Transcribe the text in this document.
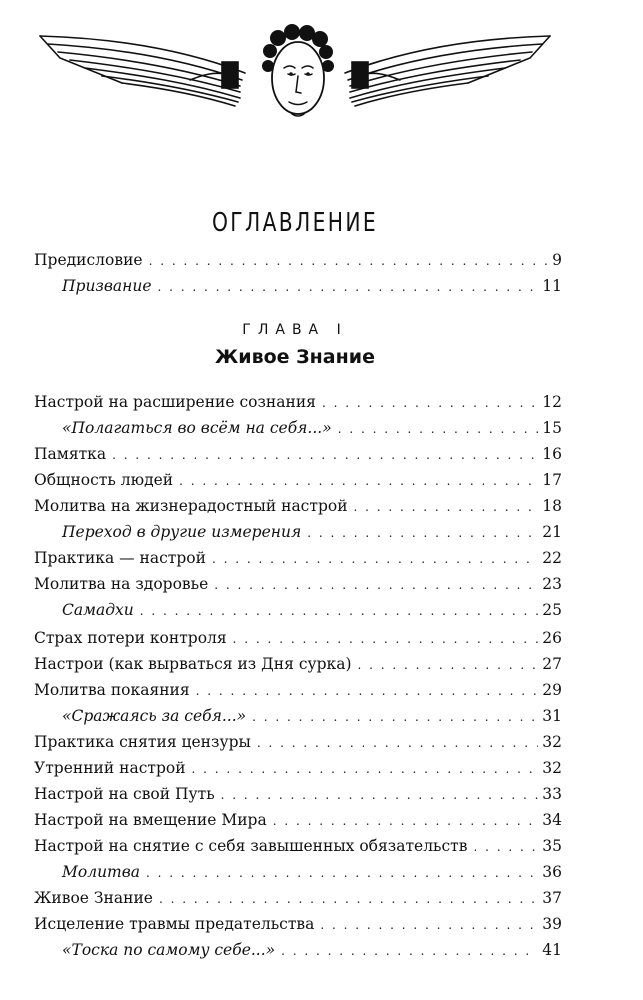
ОГЛАВЛЕНИЕ
Предисловие . . .	9
Призвание . . .	11
Настрой на расширение сознания . . .	12
«Полагаться во всём на себя...» . . .	15
Памятка . . .	16
Общность людей . . .	17
Молитва на жизнерадостный настрой . . .	18
Переход в другие измерения . . .	21
Практика — настрой . . .	22
Молитва на здоровье . . .	23
Самадхи . . .	25
Страх потери контроля . . .	26
Настрои (как вырваться из Дня сурка) . . .	27
Молитва покаяния . . .	29
«Сражаясь за себя...» . . .	31
Практика снятия цензуры . . .	32
Утренний настрой . . .	32
Настрой на свой Путь . . .	33
Настрой на вмещение Мира . . .	34
Настрой на снятие с себя завышенных обязательств . . .	35
Молитва . . .	36
Живое Знание . . .	37
Исцеление травмы предательства . . .	39
«Тоска по самому себе...» . . .	41
ГЛАВА I
Живое Знание
